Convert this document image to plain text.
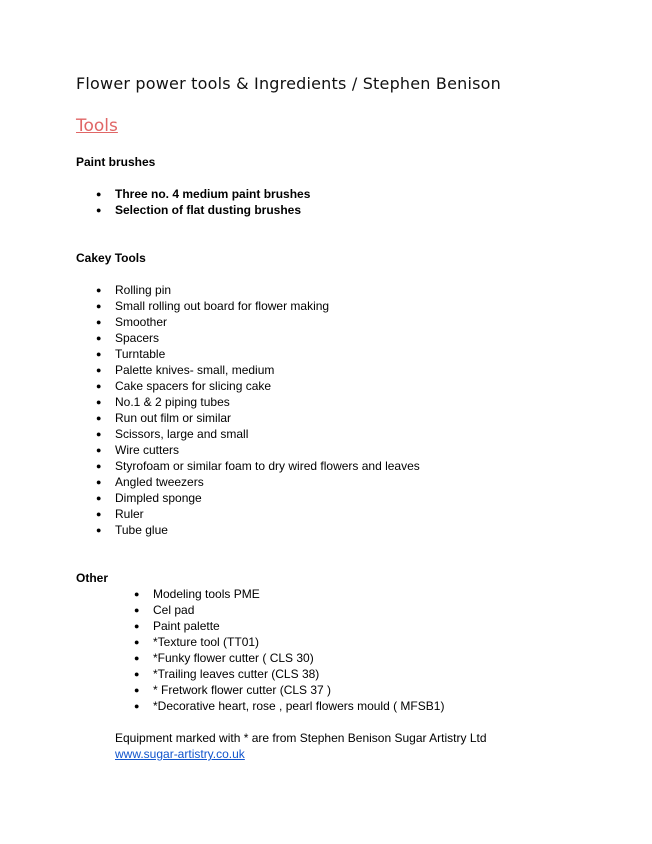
Flower power tools & Ingredients / Stephen Benison
Tools
Paint brushes
● Three no. 4 medium paint brushes
● Selection of flat dusting brushes
Cakey Tools
● Rolling pin
● Small rolling out board for flower making
● Smoother
● Spacers
● Turntable
● Palette knives- small, medium
● Cake spacers for slicing cake
● No.1 & 2 piping tubes
● Run out film or similar
● Scissors, large and small
● Wire cutters
● Styrofoam or similar foam to dry wired flowers and leaves
● Angled tweezers
● Dimpled sponge
● Ruler
● Tube glue
Other
● Modeling tools PME
● Cel pad
● Paint palette
● *Texture tool (TT01)
● *Funky flower cutter ( CLS 30)
● *Trailing leaves cutter (CLS 38)
● * Fretwork flower cutter (CLS 37 )
● *Decorative heart, rose , pearl flowers mould ( MFSB1)
Equipment marked with * are from Stephen Benison Sugar Artistry Ltd
www.sugar-artistry.co.uk
